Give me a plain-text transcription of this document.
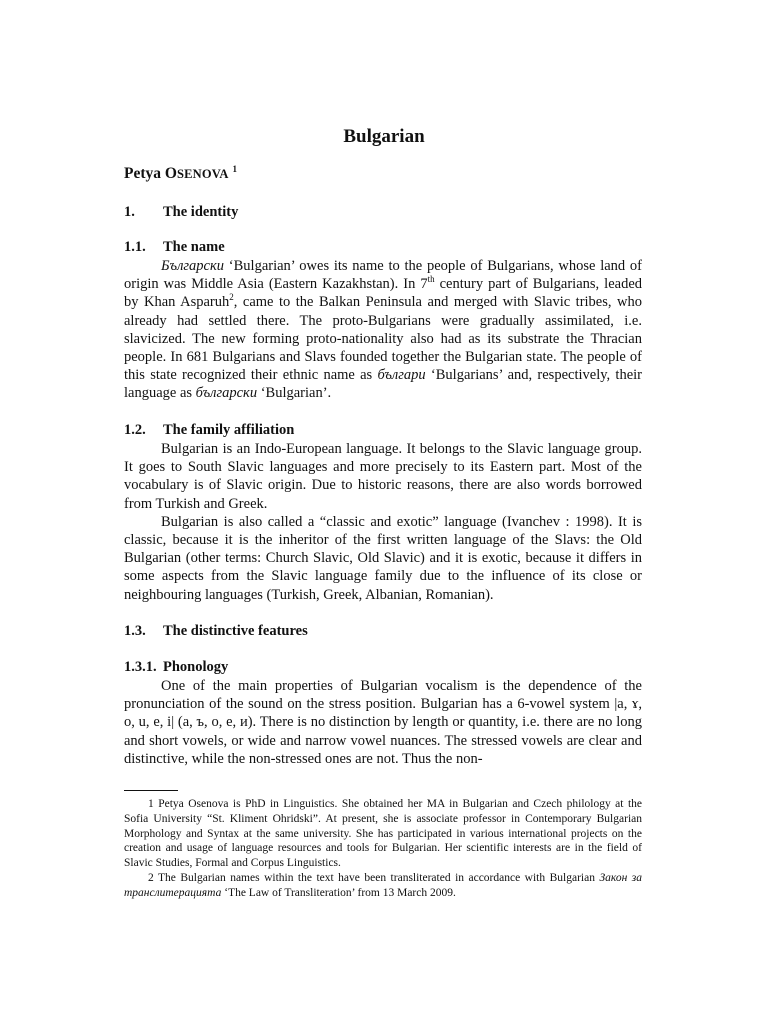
Bulgarian
Petya OSENOVA $^1$
1. The identity
1.1. The name

Български ‘Bulgarian’ owes its name to the people of Bulgarians, whose land of origin was Middle Asia (Eastern Kazakhstan). In 7th century part of Bulgarians, leaded by Khan Asparuh$^2$, came to the Balkan Peninsula and merged with Slavic tribes, who already had settled there. The proto-Bulgarians were gradually assimilated, i.e. slavicized. The new forming proto-nationality also had as its substrate the Thracian people. In 681 Bulgarians and Slavs founded together the Bulgarian state. The people of this state recognized their ethnic name as българи ‘Bulgarians’ and, respectively, their language as български ‘Bulgarian’.

1.2. The family affiliation

Bulgarian is an Indo-European language. It belongs to the Slavic language group. It goes to South Slavic languages and more precisely to its Eastern part. Most of the vocabulary is of Slavic origin. Due to historic reasons, there are also words borrowed from Turkish and Greek.

Bulgarian is also called a “classic and exotic” language (Ivanchev : 1998). It is classic, because it is the inheritor of the first written language of the Slavs: the Old Bulgarian (other terms: Church Slavic, Old Slavic) and it is exotic, because it differs in some aspects from the Slavic language family due to the influence of its close or neighbouring languages (Turkish, Greek, Albanian, Romanian).

1.3. The distinctive features
1.3.1. Phonology

One of the main properties of Bulgarian vocalism is the dependence of the pronunciation of the sound on the stress position. Bulgarian has a 6-vowel system |a, ɤ, o, u, e, i| (а, ъ, о, е, и). There is no distinction by length or quantity, i.e. there are no long and short vowels, or wide and narrow vowel nuances. The stressed vowels are clear and distinctive, while the non-stressed ones are not. Thus the non-

1 Petya Osenova is PhD in Linguistics. She obtained her MA in Bulgarian and Czech philology at the Sofia University “St. Kliment Ohridski”. At present, she is associate professor in Contemporary Bulgarian Morphology and Syntax at the same university. She has participated in various international projects on the creation and usage of language resources and tools for Bulgarian. Her scientific interests are in the field of Slavic Studies, Formal and Corpus Linguistics.

2 The Bulgarian names within the text have been transliterated in accordance with Bulgarian Закон за транслитерацията ‘The Law of Transliteration’ from 13 March 2009.
